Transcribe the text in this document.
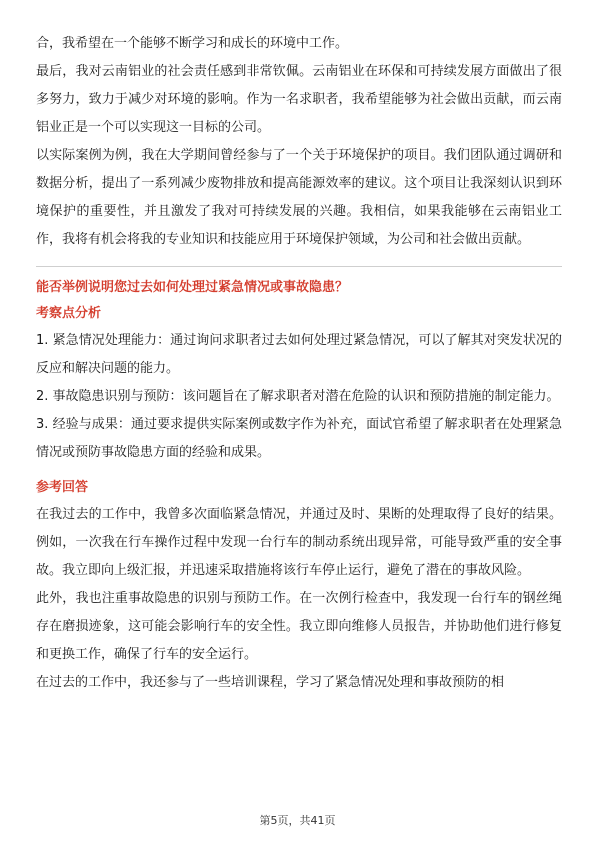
合，我希望在一个能够不断学习和成长的环境中工作。

最后，我对云南铝业的社会责任感到非常钦佩。云南铝业在环保和可持续发展方面做出了很多努力，致力于减少对环境的影响。作为一名求职者，我希望能够为社会做出贡献，而云南铝业正是一个可以实现这一目标的公司。

以实际案例为例，我在大学期间曾经参与了一个关于环境保护的项目。我们团队通过调研和数据分析，提出了一系列减少废物排放和提高能源效率的建议。这个项目让我深刻认识到环境保护的重要性，并且激发了我对可持续发展的兴趣。我相信，如果我能够在云南铝业工作，我将有机会将我的专业知识和技能应用于环境保护领域，为公司和社会做出贡献。

能否举例说明您过去如何处理过紧急情况或事故隐患？

考察点分析

1. 紧急情况处理能力：通过询问求职者过去如何处理过紧急情况，可以了解其对突发状况的反应和解决问题的能力。

2. 事故隐患识别与预防：该问题旨在了解求职者对潜在危险的认识和预防措施的制定能力。

3. 经验与成果：通过要求提供实际案例或数字作为补充，面试官希望了解求职者在处理紧急情况或预防事故隐患方面的经验和成果。

参考回答

在我过去的工作中，我曾多次面临紧急情况，并通过及时、果断的处理取得了良好的结果。例如，一次我在行车操作过程中发现一台行车的制动系统出现异常，可能导致严重的安全事故。我立即向上级汇报，并迅速采取措施将该行车停止运行，避免了潜在的事故风险。

此外，我也注重事故隐患的识别与预防工作。在一次例行检查中，我发现一台行车的钢丝绳存在磨损迹象，这可能会影响行车的安全性。我立即向维修人员报告，并协助他们进行修复和更换工作，确保了行车的安全运行。

在过去的工作中，我还参与了一些培训课程，学习了紧急情况处理和事故预防的相

第5页，共41页
